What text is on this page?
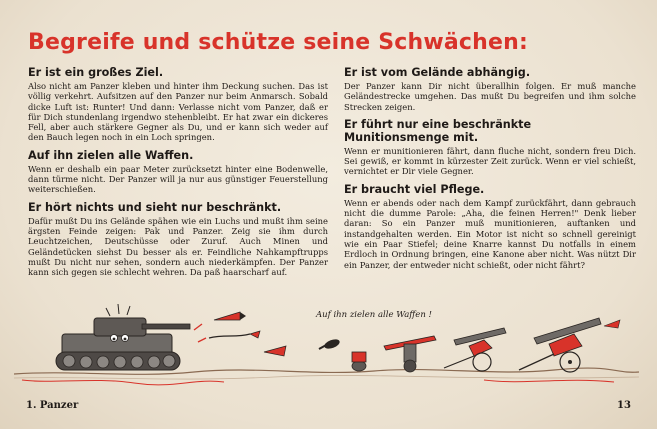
Begreife und schütze seine Schwächen:
Er ist ein großes Ziel.

Also nicht am Panzer kleben und hinter ihm Deckung suchen. Das ist völlig verkehrt. Aufsitzen auf den Panzer nur beim Anmarsch. Sobald dicke Luft ist: Runter! Und dann: Verlasse nicht vom Panzer, daß er für Dich stundenlang irgendwo stehenbleibt. Er hat zwar ein dickeres Fell, aber auch stärkere Gegner als Du, und er kann sich weder auf den Bauch legen noch in ein Loch springen.

Auf ihn zielen alle Waffen.

Wenn er deshalb ein paar Meter zurücksetzt hinter eine Bodenwelle, dann türme nicht. Der Panzer will ja nur aus günstiger Feuerstellung weiterschießen.

Er hört nichts und sieht nur beschränkt.

Dafür mußt Du ins Gelände spähen wie ein Luchs und mußt ihm seine ärgsten Feinde zeigen: Pak und Panzer. Zeig sie ihm durch Leuchtzeichen, Deutschüsse oder Zuruf. Auch Minen und Geländetücken siehst Du besser als er. Feindliche Nahkampftrupps mußt Du nicht nur sehen, sondern auch niederkämpfen. Der Panzer kann sich gegen sie schlecht wehren. Da paß haarscharf auf.

Er ist vom Gelände abhängig.

Der Panzer kann Dir nicht überallhin folgen. Er muß manche Geländestrecke umgehen. Das mußt Du begreifen und ihm solche Strecken zeigen.

Er führt nur eine beschränkte Munitionsmenge mit.

Wenn er munitionieren fährt, dann fluche nicht, sondern freu Dich. Sei gewiß, er kommt in kürzester Zeit zurück. Wenn er viel schießt, vernichtet er Dir viele Gegner.

Er braucht viel Pflege.

Wenn er abends oder nach dem Kampf zurückfährt, dann gebrauch nicht die dumme Parole: „Aha, die feinen Herren!" Denk lieber daran: So ein Panzer muß munitionieren, auftanken und instandgehalten werden. Ein Motor ist nicht so schnell gereinigt wie ein Paar Stiefel; deine Knarre kannst Du notfalls in einem Erdloch in Ordnung bringen, eine Kanone aber nicht. Was nützt Dir ein Panzer, der entweder nicht schießt, oder nicht fährt?

Auf ihn zielen alle Waffen !
1. Panzer	13
